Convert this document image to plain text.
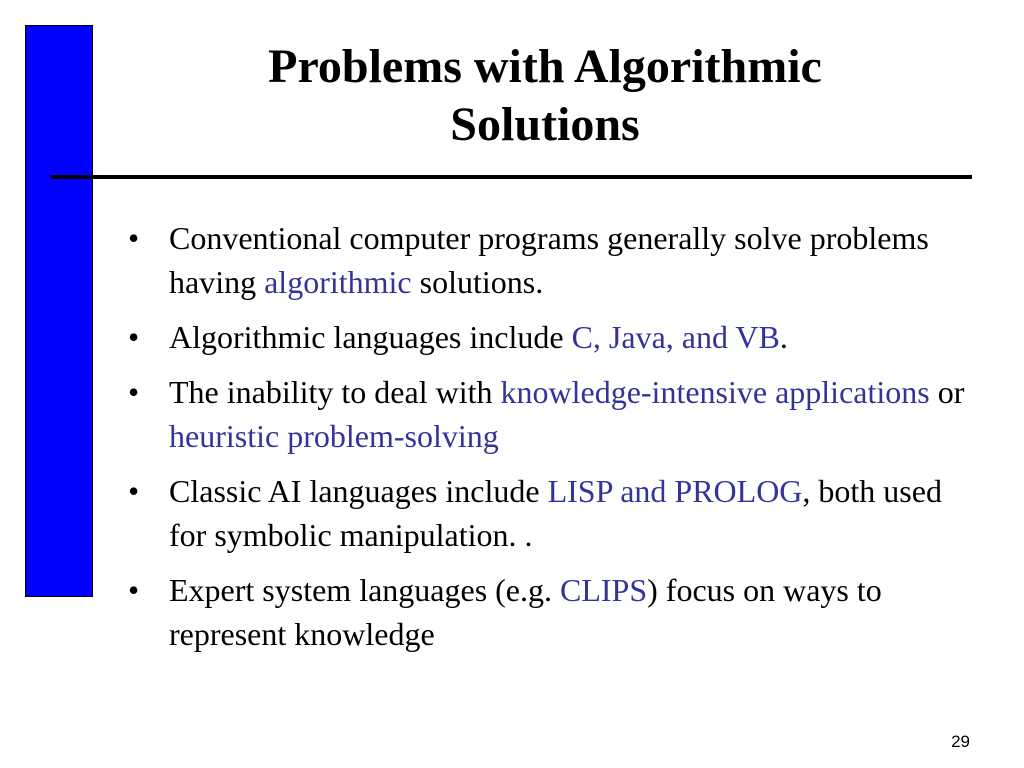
Problems with Algorithmic
Solutions
• Conventional computer programs generally solve problems having algorithmic solutions.
• Algorithmic languages include C, Java, and VB.
• The inability to deal with knowledge-intensive applications or heuristic problem-solving
• Classic AI languages include LISP and PROLOG, both used for symbolic manipulation. .
• Expert system languages (e.g. CLIPS) focus on ways to represent knowledge
29
